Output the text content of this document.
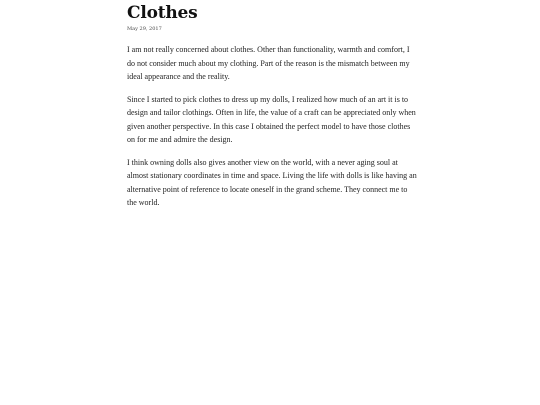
Clothes
May 29, 2017

I am not really concerned about clothes. Other than functionality, warmth and comfort, I do not consider much about my clothing. Part of the reason is the mismatch between my ideal appearance and the reality.

Since I started to pick clothes to dress up my dolls, I realized how much of an art it is to design and tailor clothings. Often in life, the value of a craft can be appreciated only when given another perspective. In this case I obtained the perfect model to have those clothes on for me and admire the design.

I think owning dolls also gives another view on the world, with a never aging soul at almost stationary coordinates in time and space. Living the life with dolls is like having an alternative point of reference to locate oneself in the grand scheme. They connect me to the world.
